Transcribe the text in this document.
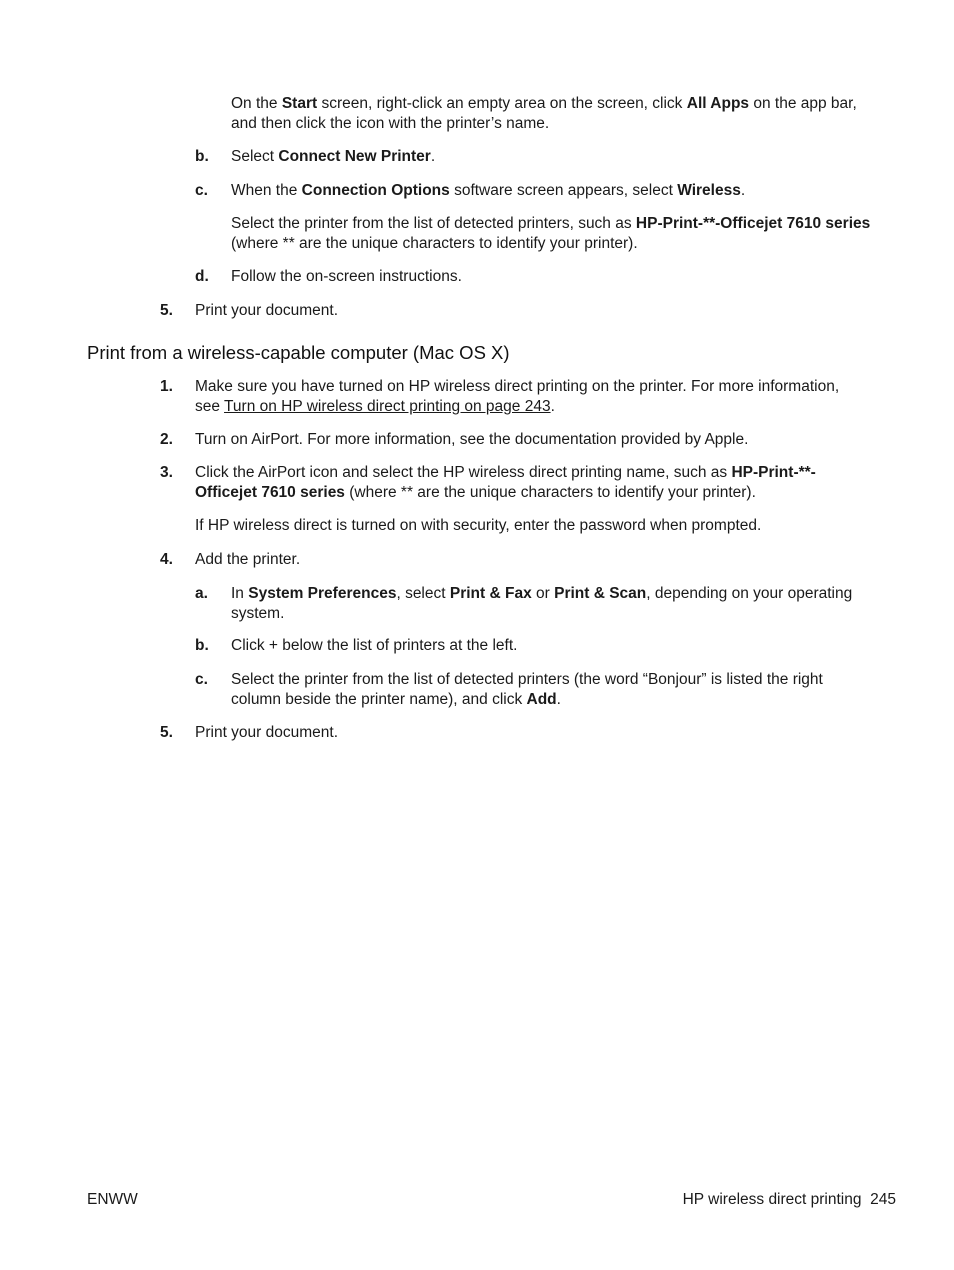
On the Start screen, right-click an empty area on the screen, click All Apps on the app bar,
and then click the icon with the printer’s name.
b. Select Connect New Printer.
c. When the Connection Options software screen appears, select Wireless.
Select the printer from the list of detected printers, such as HP-Print-**-Officejet 7610 series
(where ** are the unique characters to identify your printer).
d. Follow the on-screen instructions.
5. Print your document.
Print from a wireless-capable computer (Mac OS X)
1. Make sure you have turned on HP wireless direct printing on the printer. For more information,
see Turn on HP wireless direct printing on page 243.
2. Turn on AirPort. For more information, see the documentation provided by Apple.
3. Click the AirPort icon and select the HP wireless direct printing name, such as HP-Print-**-
Officejet 7610 series (where ** are the unique characters to identify your printer).
If HP wireless direct is turned on with security, enter the password when prompted.
4. Add the printer.
a. In System Preferences, select Print & Fax or Print & Scan, depending on your operating
system.
b. Click + below the list of printers at the left.
c. Select the printer from the list of detected printers (the word “Bonjour” is listed the right
column beside the printer name), and click Add.
5. Print your document.
ENWW	HP wireless direct printing 245
